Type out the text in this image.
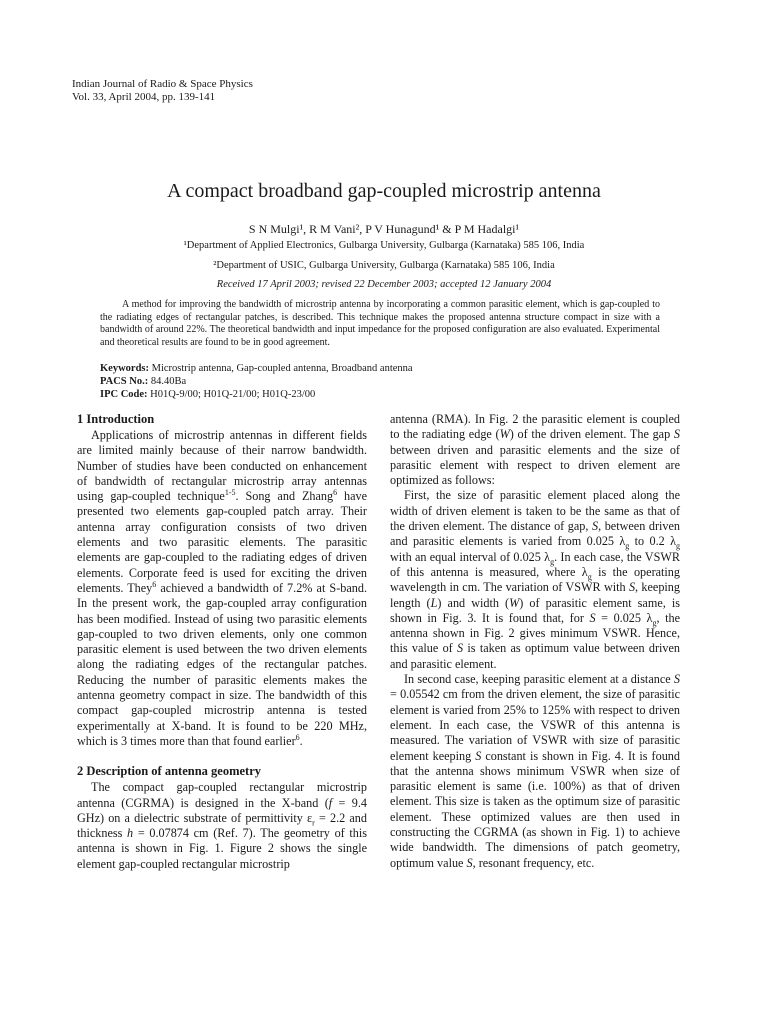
Indian Journal of Radio & Space Physics
Vol. 33, April 2004, pp. 139-141
A compact broadband gap-coupled microstrip antenna
S N Mulgi¹, R M Vani², P V Hunagund¹ & P M Hadalgi¹
¹Department of Applied Electronics, Gulbarga University, Gulbarga (Karnataka) 585 106, India
²Department of USIC, Gulbarga University, Gulbarga (Karnataka) 585 106, India
Received 17 April 2003; revised 22 December 2003; accepted 12 January 2004
A method for improving the bandwidth of microstrip antenna by incorporating a common parasitic element, which is gap-coupled to the radiating edges of rectangular patches, is described. This technique makes the proposed antenna structure compact in size with a bandwidth of around 22%. The theoretical bandwidth and input impedance for the proposed configuration are also evaluated. Experimental and theoretical results are found to be in good agreement.
Keywords: Microstrip antenna, Gap-coupled antenna, Broadband antenna
PACS No.: 84.40Ba
IPC Code: H01Q-9/00; H01Q-21/00; H01Q-23/00
1 Introduction

Applications of microstrip antennas in different fields are limited mainly because of their narrow bandwidth. Number of studies have been conducted on enhancement of bandwidth of rectangular microstrip array antennas using gap-coupled technique$^{1-5}$. Song and Zhang$^6$ have presented two elements gap-coupled patch array. Their antenna array configuration consists of two driven elements and two parasitic elements. The parasitic elements are gap-coupled to the radiating edges of driven elements. Corporate feed is used for exciting the driven elements. They$^6$ achieved a bandwidth of 7.2% at S-band. In the present work, the gap-coupled array configuration has been modified. Instead of using two parasitic elements gap-coupled to two driven elements, only one common parasitic element is used between the two driven elements along the radiating edges of the rectangular patches. Reducing the number of parasitic elements makes the antenna geometry compact in size. The bandwidth of this compact gap-coupled microstrip antenna is tested experimentally at X-band. It is found to be 220 MHz, which is 3 times more than that found earlier$^6$.

2 Description of antenna geometry

The compact gap-coupled rectangular microstrip antenna (CGRMA) is designed in the X-band (f = 9.4 GHz) on a dielectric substrate of permittivity $\varepsilon_r = 2.2$ and thickness h = 0.07874 cm (Ref. 7). The geometry of this antenna is shown in Fig. 1. Figure 2 shows the single element gap-coupled rectangular microstrip

antenna (RMA). In Fig. 2 the parasitic element is coupled to the radiating edge (W) of the driven element. The gap S between driven and parasitic elements and the size of parasitic element with respect to driven element are optimized as follows:

First, the size of parasitic element placed along the width of driven element is taken to be the same as that of the driven element. The distance of gap, S, between driven and parasitic elements is varied from 0.025 $\lambda_g$ to 0.2 $\lambda_g$ with an equal interval of 0.025 $\lambda_g$. In each case, the VSWR of this antenna is measured, where $\lambda_g$ is the operating wavelength in cm. The variation of VSWR with S, keeping length (L) and width (W) of parasitic element same, is shown in Fig. 3. It is found that, for S = 0.025 $\lambda_g$, the antenna shown in Fig. 2 gives minimum VSWR. Hence, this value of S is taken as optimum value between driven and parasitic element.

In second case, keeping parasitic element at a distance S = 0.05542 cm from the driven element, the size of parasitic element is varied from 25% to 125% with respect to driven element. In each case, the VSWR of this antenna is measured. The variation of VSWR with size of parasitic element keeping S constant is shown in Fig. 4. It is found that the antenna shows minimum VSWR when size of parasitic element is same (i.e. 100%) as that of driven element. This size is taken as the optimum size of parasitic element. These optimized values are then used in constructing the CGRMA (as shown in Fig. 1) to achieve wide bandwidth. The dimensions of patch geometry, optimum value S, resonant frequency, etc.
